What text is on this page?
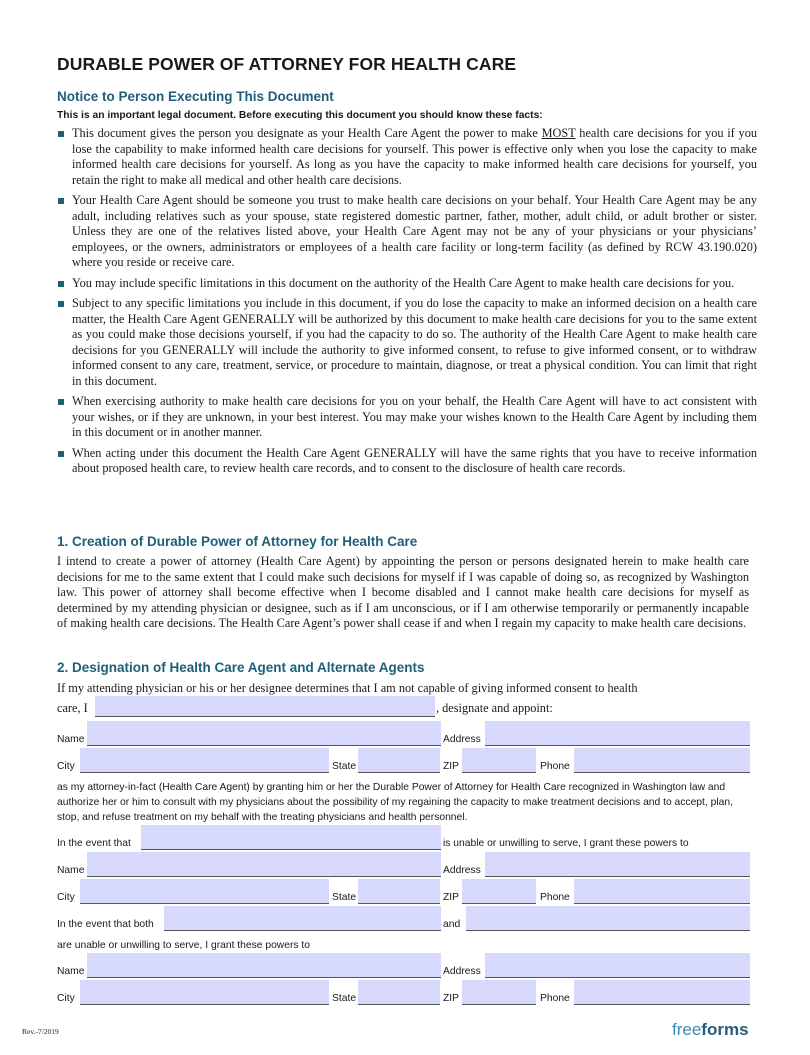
DURABLE POWER OF ATTORNEY FOR HEALTH CARE
Notice to Person Executing This Document
This is an important legal document. Before executing this document you should know these facts:
This document gives the person you designate as your Health Care Agent the power to make MOST health care decisions for you if you lose the capability to make informed health care decisions for yourself. This power is effective only when you lose the capacity to make informed health care decisions for yourself. As long as you have the capacity to make informed health care decisions for yourself, you retain the right to make all medical and other health care decisions.
Your Health Care Agent should be someone you trust to make health care decisions on your behalf. Your Health Care Agent may be any adult, including relatives such as your spouse, state registered domestic partner, father, mother, adult child, or adult brother or sister. Unless they are one of the relatives listed above, your Health Care Agent may not be any of your physicians or your physicians’ employees, or the owners, administrators or employees of a health care facility or long-term facility (as defined by RCW 43.190.020) where you reside or receive care.
You may include specific limitations in this document on the authority of the Health Care Agent to make health care decisions for you.
Subject to any specific limitations you include in this document, if you do lose the capacity to make an informed decision on a health care matter, the Health Care Agent GENERALLY will be authorized by this document to make health care decisions for you to the same extent as you could make those decisions yourself, if you had the capacity to do so. The authority of the Health Care Agent to make health care decisions for you GENERALLY will include the authority to give informed consent, to refuse to give informed consent, or to withdraw informed consent to any care, treatment, service, or procedure to maintain, diagnose, or treat a physical condition. You can limit that right in this document.
When exercising authority to make health care decisions for you on your behalf, the Health Care Agent will have to act consistent with your wishes, or if they are unknown, in your best interest. You may make your wishes known to the Health Care Agent by including them in this document or in another manner.
When acting under this document the Health Care Agent GENERALLY will have the same rights that you have to receive information about proposed health care, to review health care records, and to consent to the disclosure of health care records.
1. Creation of Durable Power of Attorney for Health Care

I intend to create a power of attorney (Health Care Agent) by appointing the person or persons designated herein to make health care decisions for me to the same extent that I could make such decisions for myself if I was capable of doing so, as recognized by Washington law. This power of attorney shall become effective when I become disabled and I cannot make health care decisions for myself as determined by my attending physician or designee, such as if I am unconscious, or if I am otherwise temporarily or permanently incapable of making health care decisions. The Health Care Agent’s power shall cease if and when I regain my capacity to make health care decisions.

2. Designation of Health Care Agent and Alternate Agents
If my attending physician or his or her designee determines that I am not capable of giving informed consent to health
care, I	, designate and appoint:
Name	Address
City	State	ZIP	Phone

as my attorney-in-fact (Health Care Agent) by granting him or her the Durable Power of Attorney for Health Care recognized in Washington law and authorize her or him to consult with my physicians about the possibility of my regaining the capacity to make treatment decisions and to accept, plan, stop, and refuse treatment on my behalf with the treating physicians and health personnel.

In the event that	is unable or unwilling to serve, I grant these powers to
Name	Address
City	State	ZIP	Phone
In the event that both	and
are unable or unwilling to serve, I grant these powers to
Name	Address
City	State	ZIP	Phone
Rev.-7/2019	freeforms
